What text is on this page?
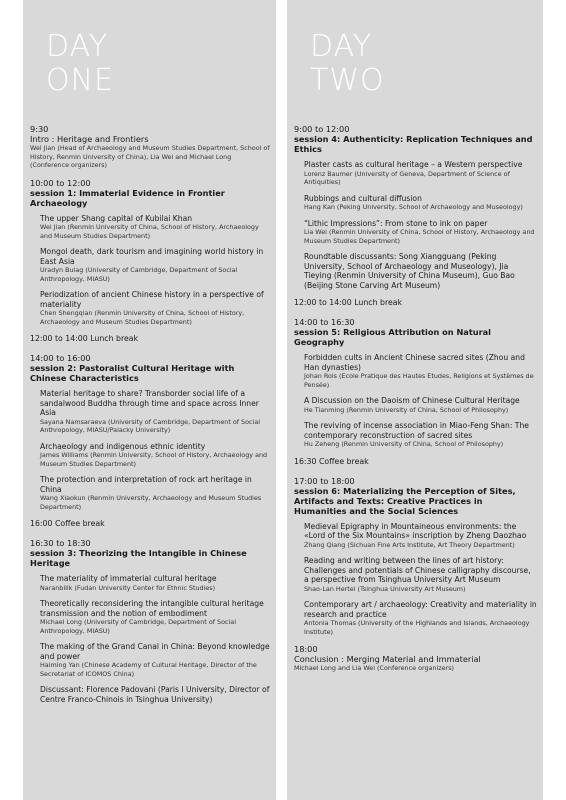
DAY
ONE
9:30
Intro : Heritage and Frontiers
Wei Jian (Head of Archaeology and Museum Studies Department, School of History, Renmin University of China), Lia Wei and Michael Long (Conference organizers)
10:00 to 12:00
session 1: Immaterial Evidence in Frontier Archaeology
The upper Shang capital of Kubilai Khan
Wei Jian (Renmin University of China, School of History, Archaeology and Museum Studies Department)
Mongol death, dark tourism and imagining world history in East Asia
Uradyn Bulag (University of Cambridge, Department of Social Anthropology, MIASU)
Periodization of ancient Chinese history in a perspective of materiality
Chen Shengqian (Renmin University of China, School of History, Archaeology and Museum Studies Department)
12:00 to 14:00 Lunch break
14:00 to 16:00
session 2: Pastoralist Cultural Heritage with Chinese Characteristics
Material heritage to share? Transborder social life of a sandalwood Buddha through time and space across Inner Asia
Sayana Namsaraeva (University of Cambridge, Department of Social Anthropology, MIASU/Palacky University)
Archaeology and indigenous ethnic identity
James Williams (Renmin University, School of History, Archaeology and Museum Studies Department)
The protection and interpretation of rock art heritage in China
Wang Xiaokun (Renmin University, Archaeology and Museum Studies Department)
16:00 Coffee break
16:30 to 18:30
session 3: Theorizing the Intangible in Chinese Heritage
The materiality of immaterial cultural heritage
Naranbilik (Fudan University Center for Ethnic Studies)
Theoretically reconsidering the intangible cultural heritage transmission and the notion of embodiment
Michael Long (University of Cambridge, Department of Social Anthropology, MIASU)
The making of the Grand Canal in China: Beyond knowledge and power
Haiming Yan (Chinese Academy of Cultural Heritage, Director of the Secretariat of ICOMOS China)
Discussant: Florence Padovani (Paris I University, Director of Centre Franco-Chinois in Tsinghua University)
DAY
TWO
9:00 to 12:00
session 4: Authenticity: Replication Techniques and Ethics
Plaster casts as cultural heritage – a Western perspective
Lorenz Baumer (University of Geneva, Department of Science of Antiquities)
Rubbings and cultural diffusion
Hang Kan (Peking University, School of Archaeology and Museology)
“Lithic Impressions”: From stone to ink on paper
Lia Wei (Renmin University of China, School of History, Archaeology and Museum Studies Department)
Roundtable discussants: Song Xiangguang (Peking University, School of Archaeology and Museology), Jia Tieying (Renmin University of China Museum), Guo Bao (Beijing Stone Carving Art Museum)
12:00 to 14:00 Lunch break
14:00 to 16:30
session 5: Religious Attribution on Natural Geography
Forbidden cults in Ancient Chinese sacred sites (Zhou and Han dynasties)
Johan Rols (Ecole Pratique des Hautes Etudes, Religions et Systèmes de Pensée)
A Discussion on the Daoism of Chinese Cultural Heritage
He Tianming (Renmin University of China, School of Philosophy)
The reviving of incense association in Miao-Feng Shan: The contemporary reconstruction of sacred sites
Hu Zeheng (Renmin University of China, School of Philosophy)
16:30 Coffee break
17:00 to 18:00
session 6: Materializing the Perception of Sites, Artifacts and Texts: Creative Practices in Humanities and the Social Sciences
Medieval Epigraphy in Mountaineous environments: the «Lord of the Six Mountains» inscription by Zheng Daozhao
Zhang Qiang (Sichuan Fine Arts Institute, Art Theory Department)
Reading and writing between the lines of art history: Challenges and potentials of Chinese calligraphy discourse, a perspective from Tsinghua University Art Museum
Shao-Lan Hertel (Tsinghua University Art Museum)
Contemporary art / archaeology: Creativity and materiality in research and practice
Antonia Thomas (University of the Highlands and Islands, Archaeology Institute)
18:00
Conclusion : Merging Material and Immaterial
Michael Long and Lia Wei (Conference organizers)
